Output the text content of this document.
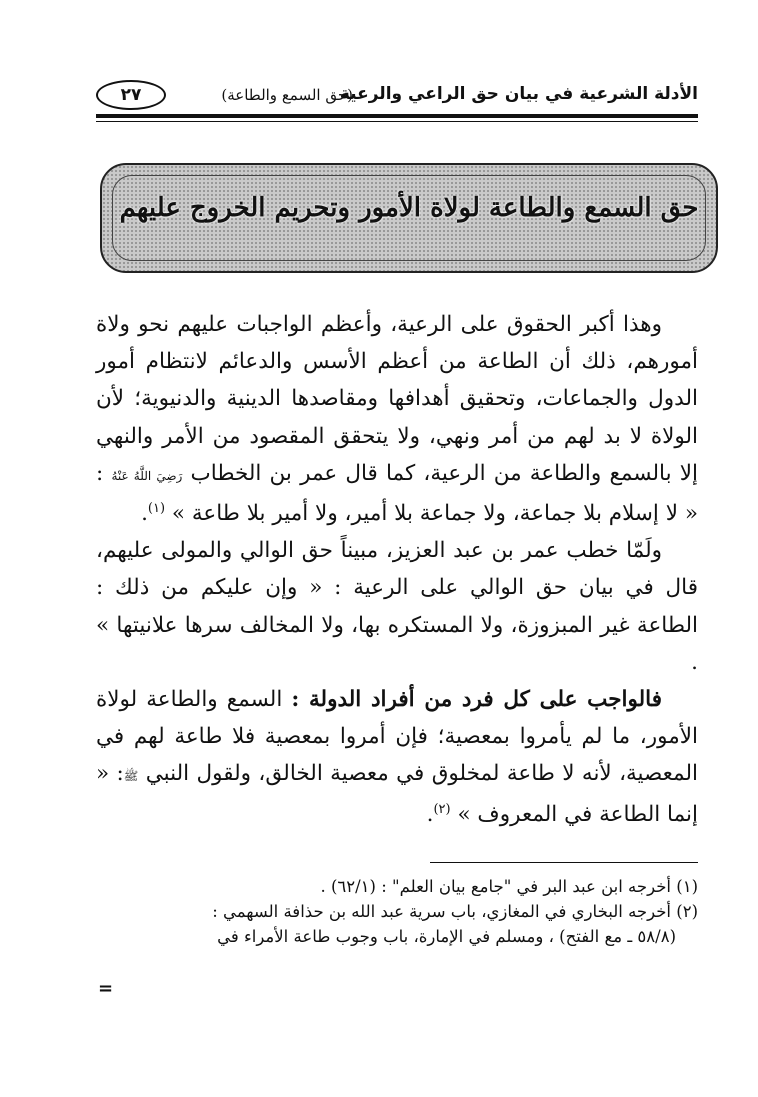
الأدلة الشرعية في بيان حق الراعي والرعية
(حق السمع والطاعة)
٢٧
حق السمع والطاعة لولاة الأمور وتحريم الخروج عليهم

وهذا أكبر الحقوق على الرعية، وأعظم الواجبات عليهم نحو ولاة أمورهم، ذلك أن الطاعة من أعظم الأسس والدعائم لانتظام أمور الدول والجماعات، وتحقيق أهدافها ومقاصدها الدينية والدنيوية؛ لأن الولاة لا بد لهم من أمر ونهي، ولا يتحقق المقصود من الأمر والنهي إلا بالسمع والطاعة من الرعية، كما قال عمر بن الخطاب رَضِيَ اللَّهُ عَنْهُ : « لا إسلام بلا جماعة، ولا جماعة بلا أمير، ولا أمير بلا طاعة » $^{(١)}$.

ولَمّا خطب عمر بن عبد العزيز، مبيناً حق الوالي والمولى عليهم، قال في بيان حق الوالي على الرعية : « وإن عليكم من ذلك : الطاعة غير المبزوزة، ولا المستكره بها، ولا المخالف سرها علانيتها » .

فالواجب على كل فرد من أفراد الدولة : السمع والطاعة لولاة الأمور، ما لم يأمروا بمعصية؛ فإن أمروا بمعصية فلا طاعة لهم في المعصية، لأنه لا طاعة لمخلوق في معصية الخالق، ولقول النبي ﷺ: « إنما الطاعة في المعروف » $^{(٢)}$.

(١) أخرجه ابن عبد البر في "جامع بيان العلم" : (٦٢/١) .

(٢) أخرجه البخاري في المغازي، باب سرية عبد الله بن حذافة السهمي :

(٥٨/٨ ـ مع الفتح) ، ومسلم في الإمارة، باب وجوب طاعة الأمراء في

=
